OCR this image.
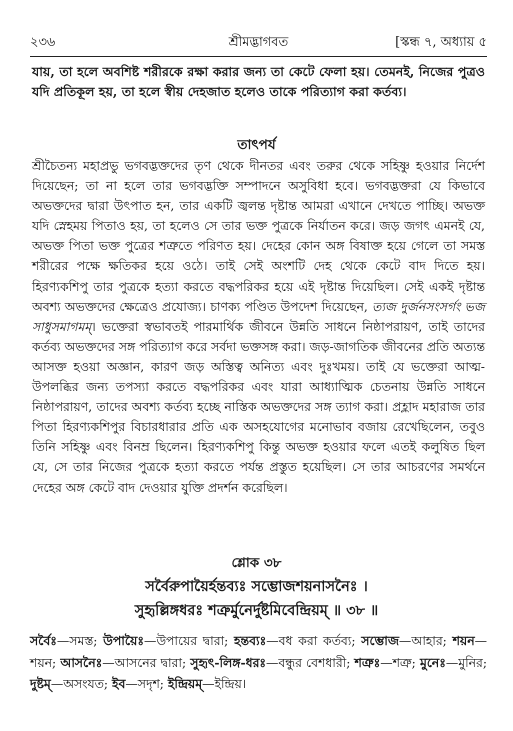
২৩৬	শ্রীমদ্ভাগবত	[স্কন্ধ ৭, অধ্যায় ৫
যায়, তা হলে অবশিষ্ট শরীরকে রক্ষা করার জন্য তা কেটে ফেলা হয়। তেমনই, নিজের পুত্রও যদি প্রতিকূল হয়, তা হলে স্বীয় দেহজাত হলেও তাকে পরিত্যাগ করা কর্তব্য।
তাৎপর্য
শ্রীচৈতন্য মহাপ্রভু ভগবদ্ভক্তদের তৃণ থেকে দীনতর এবং তরুর থেকে সহিষ্ণু হওয়ার নির্দেশ দিয়েছেন; তা না হলে তার ভগবদ্ভক্তি সম্পাদনে অসুবিধা হবে। ভগবদ্ভক্তরা যে কিভাবে অভক্তদের দ্বারা উৎপাত হন, তার একটি জ্বলন্ত দৃষ্টান্ত আমরা এখানে দেখতে পাচ্ছি। অভক্ত যদি স্নেহময় পিতাও হয়, তা হলেও সে তার ভক্ত পুত্রকে নির্যাতন করে। জড় জগৎ এমনই যে, অভক্ত পিতা ভক্ত পুত্রের শত্রুতে পরিণত হয়। দেহের কোন অঙ্গ বিষাক্ত হয়ে গেলে তা সমস্ত শরীরের পক্ষে ক্ষতিকর হয়ে ওঠে। তাই সেই অংশটি দেহ থেকে কেটে বাদ দিতে হয়। হিরণ্যকশিপু তার পুত্রকে হত্যা করতে বদ্ধপরিকর হয়ে এই দৃষ্টান্ত দিয়েছিল। সেই একই দৃষ্টান্ত অবশ্য অভক্তদের ক্ষেত্রেও প্রযোজ্য। চাণক্য পণ্ডিত উপদেশ দিয়েছেন, ত্যজ দুর্জনসংসর্গং ভজ সাধুসমাগমম্। ভক্তেরা স্বভাবতই পারমার্থিক জীবনে উন্নতি সাধনে নিষ্ঠাপরায়ণ, তাই তাদের কর্তব্য অভক্তদের সঙ্গ পরিত্যাগ করে সর্বদা ভক্তসঙ্গ করা। জড়-জাগতিক জীবনের প্রতি অত্যন্ত আসক্ত হওয়া অজ্ঞান, কারণ জড় অস্তিত্ব অনিত্য এবং দুঃখময়। তাই যে ভক্তেরা আত্ম-উপলব্ধির জন্য তপস্যা করতে বদ্ধপরিকর এবং যারা আধ্যাত্মিক চেতনায় উন্নতি সাধনে নিষ্ঠাপরায়ণ, তাদের অবশ্য কর্তব্য হচ্ছে নাস্তিক অভক্তদের সঙ্গ ত্যাগ করা। প্রহ্লাদ মহারাজ তার পিতা হিরণ্যকশিপুর বিচারধারার প্রতি এক অসহযোগের মনোভাব বজায় রেখেছিলেন, তবুও তিনি সহিষ্ণু এবং বিনম্র ছিলেন। হিরণ্যকশিপু কিন্তু অভক্ত হওয়ার ফলে এতই কলুষিত ছিল যে, সে তার নিজের পুত্রকে হত্যা করতে পর্যন্ত প্রস্তুত হয়েছিল। সে তার আচরণের সমর্থনে দেহের অঙ্গ কেটে বাদ দেওয়ার যুক্তি প্রদর্শন করেছিল।
শ্লোক ৩৮
সর্বৈরুপায়ৈর্হন্তব্যঃ সম্ভোজশয়নাসনৈঃ ।
সুহৃল্লিঙ্গধরঃ শত্রুর্মুনের্দুষ্টমিবেন্দ্রিয়ম্ ॥ ৩৮ ॥
সর্বৈঃ—সমস্ত; উপায়ৈঃ—উপায়ের দ্বারা; হন্তব্যঃ—বধ করা কর্তব্য; সম্ভোজ—আহার; শয়ন—শয়ন; আসনৈঃ—আসনের দ্বারা; সুহৃৎ-লিঙ্গ-ধরঃ—বন্ধুর বেশধারী; শত্রুঃ—শত্রু; মুনেঃ—মুনির; দুষ্টম্—অসংযত; ইব—সদৃশ; ইন্দ্রিয়ম্—ইন্দ্রিয়।
